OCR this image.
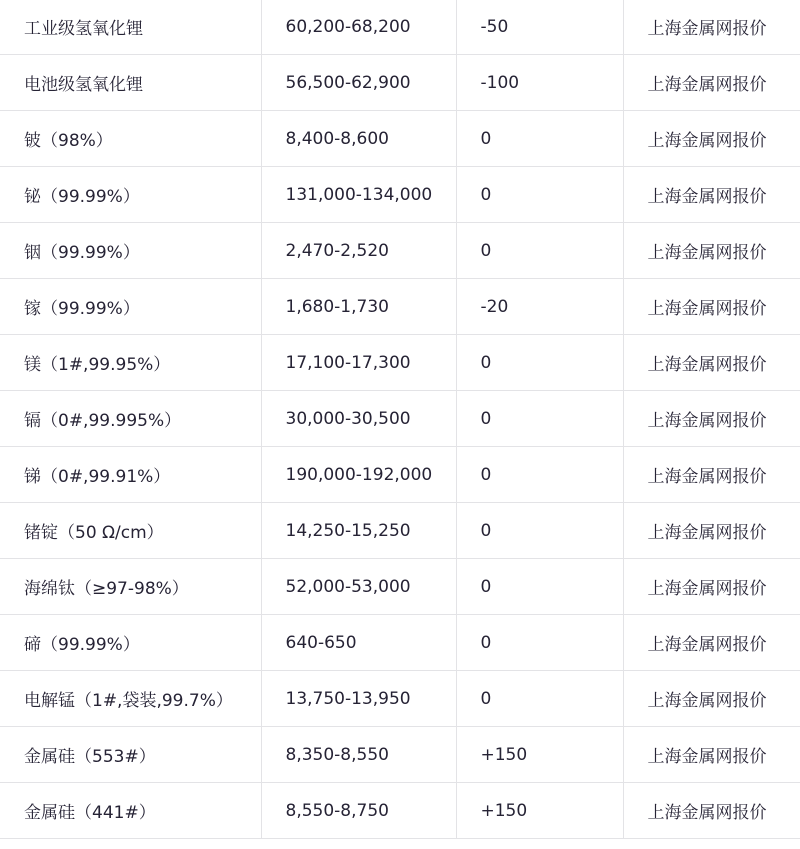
工业级氢氧化锂	60,200-68,200	-50	上海金属网报价
电池级氢氧化锂	56,500-62,900	-100	上海金属网报价
铍（98%）	8,400-8,600	0	上海金属网报价
铋（99.99%）	131,000-134,000	0	上海金属网报价
铟（99.99%）	2,470-2,520	0	上海金属网报价
镓（99.99%）	1,680-1,730	-20	上海金属网报价
镁（1#,99.95%）	17,100-17,300	0	上海金属网报价
镉（0#,99.995%）	30,000-30,500	0	上海金属网报价
锑（0#,99.91%）	190,000-192,000	0	上海金属网报价
锗锭（50 Ω/cm）	14,250-15,250	0	上海金属网报价
海绵钛（≥97-98%）	52,000-53,000	0	上海金属网报价
碲（99.99%）	640-650	0	上海金属网报价
电解锰（1#,袋装,99.7%）	13,750-13,950	0	上海金属网报价
金属硅（553#）	8,350-8,550	+150	上海金属网报价
金属硅（441#）	8,550-8,750	+150	上海金属网报价
